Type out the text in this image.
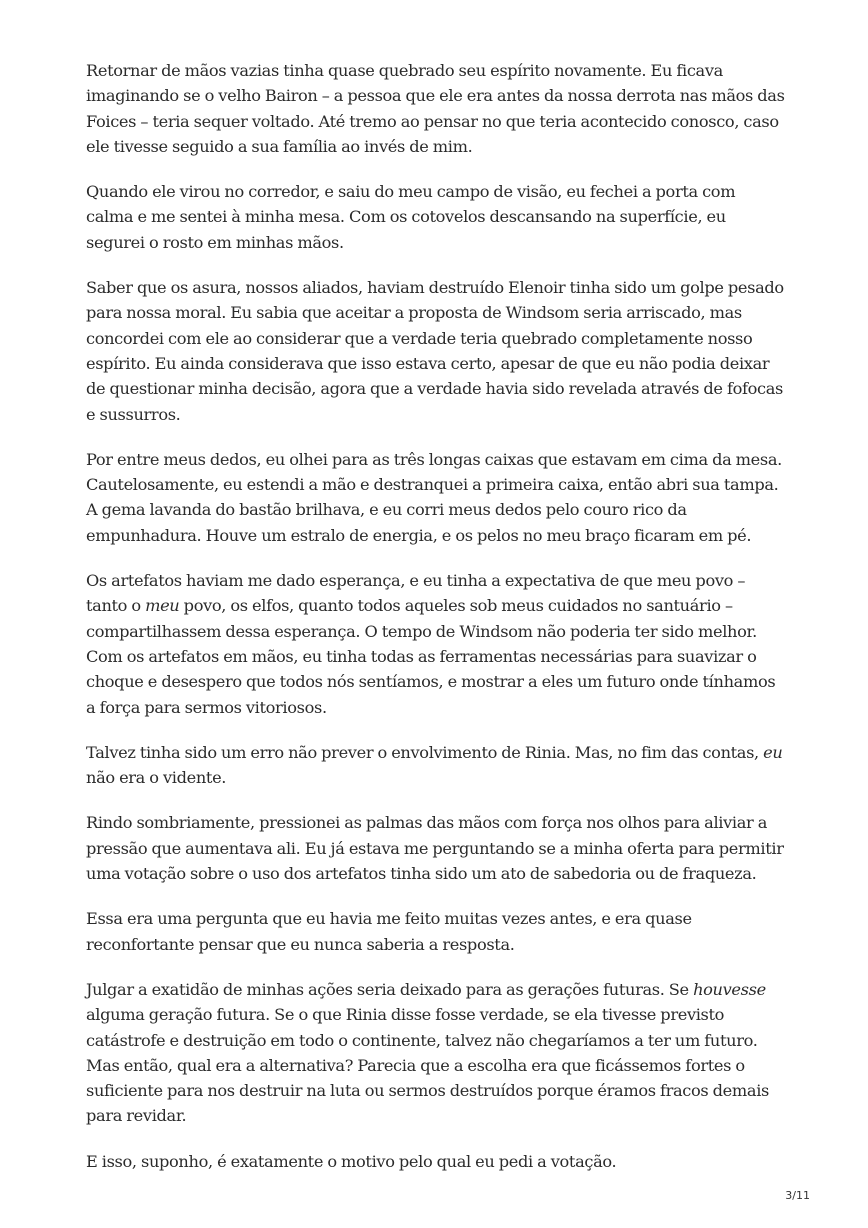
Retornar de mãos vazias tinha quase quebrado seu espírito novamente. Eu ficava imaginando se o velho Bairon – a pessoa que ele era antes da nossa derrota nas mãos das Foices – teria sequer voltado. Até tremo ao pensar no que teria acontecido conosco, caso ele tivesse seguido a sua família ao invés de mim.

Quando ele virou no corredor, e saiu do meu campo de visão, eu fechei a porta com calma e me sentei à minha mesa. Com os cotovelos descansando na superfície, eu segurei o rosto em minhas mãos.

Saber que os asura, nossos aliados, haviam destruído Elenoir tinha sido um golpe pesado para nossa moral. Eu sabia que aceitar a proposta de Windsom seria arriscado, mas concordei com ele ao considerar que a verdade teria quebrado completamente nosso espírito. Eu ainda considerava que isso estava certo, apesar de que eu não podia deixar de questionar minha decisão, agora que a verdade havia sido revelada através de fofocas e sussurros.

Por entre meus dedos, eu olhei para as três longas caixas que estavam em cima da mesa. Cautelosamente, eu estendi a mão e destranquei a primeira caixa, então abri sua tampa. A gema lavanda do bastão brilhava, e eu corri meus dedos pelo couro rico da empunhadura. Houve um estralo de energia, e os pelos no meu braço ficaram em pé.

Os artefatos haviam me dado esperança, e eu tinha a expectativa de que meu povo – tanto o meu povo, os elfos, quanto todos aqueles sob meus cuidados no santuário – compartilhassem dessa esperança. O tempo de Windsom não poderia ter sido melhor. Com os artefatos em mãos, eu tinha todas as ferramentas necessárias para suavizar o choque e desespero que todos nós sentíamos, e mostrar a eles um futuro onde tínhamos a força para sermos vitoriosos.

Talvez tinha sido um erro não prever o envolvimento de Rinia. Mas, no fim das contas, eu não era o vidente.

Rindo sombriamente, pressionei as palmas das mãos com força nos olhos para aliviar a pressão que aumentava ali. Eu já estava me perguntando se a minha oferta para permitir uma votação sobre o uso dos artefatos tinha sido um ato de sabedoria ou de fraqueza.

Essa era uma pergunta que eu havia me feito muitas vezes antes, e era quase reconfortante pensar que eu nunca saberia a resposta.

Julgar a exatidão de minhas ações seria deixado para as gerações futuras. Se houvesse alguma geração futura. Se o que Rinia disse fosse verdade, se ela tivesse previsto catástrofe e destruição em todo o continente, talvez não chegaríamos a ter um futuro. Mas então, qual era a alternativa? Parecia que a escolha era que ficássemos fortes o suficiente para nos destruir na luta ou sermos destruídos porque éramos fracos demais para revidar.

E isso, suponho, é exatamente o motivo pelo qual eu pedi a votação.

3/11
